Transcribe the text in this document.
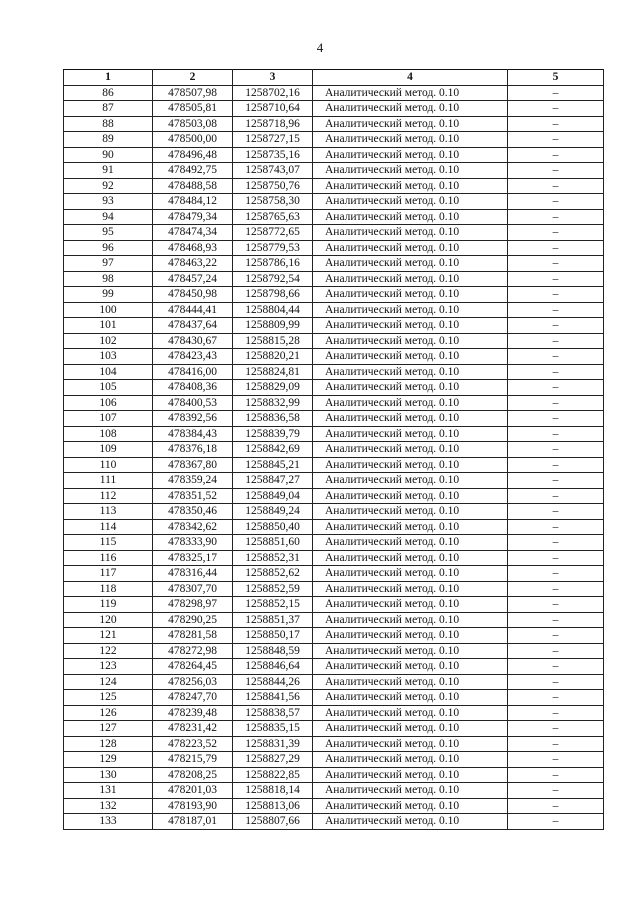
4
1	2	3	4	5
86	478507,98	1258702,16	Аналитический метод. 0.10	–
87	478505,81	1258710,64	Аналитический метод. 0.10	–
88	478503,08	1258718,96	Аналитический метод. 0.10	–
89	478500,00	1258727,15	Аналитический метод. 0.10	–
90	478496,48	1258735,16	Аналитический метод. 0.10	–
91	478492,75	1258743,07	Аналитический метод. 0.10	–
92	478488,58	1258750,76	Аналитический метод. 0.10	–
93	478484,12	1258758,30	Аналитический метод. 0.10	–
94	478479,34	1258765,63	Аналитический метод. 0.10	–
95	478474,34	1258772,65	Аналитический метод. 0.10	–
96	478468,93	1258779,53	Аналитический метод. 0.10	–
97	478463,22	1258786,16	Аналитический метод. 0.10	–
98	478457,24	1258792,54	Аналитический метод. 0.10	–
99	478450,98	1258798,66	Аналитический метод. 0.10	–
100	478444,41	1258804,44	Аналитический метод. 0.10	–
101	478437,64	1258809,99	Аналитический метод. 0.10	–
102	478430,67	1258815,28	Аналитический метод. 0.10	–
103	478423,43	1258820,21	Аналитический метод. 0.10	–
104	478416,00	1258824,81	Аналитический метод. 0.10	–
105	478408,36	1258829,09	Аналитический метод. 0.10	–
106	478400,53	1258832,99	Аналитический метод. 0.10	–
107	478392,56	1258836,58	Аналитический метод. 0.10	–
108	478384,43	1258839,79	Аналитический метод. 0.10	–
109	478376,18	1258842,69	Аналитический метод. 0.10	–
110	478367,80	1258845,21	Аналитический метод. 0.10	–
111	478359,24	1258847,27	Аналитический метод. 0.10	–
112	478351,52	1258849,04	Аналитический метод. 0.10	–
113	478350,46	1258849,24	Аналитический метод. 0.10	–
114	478342,62	1258850,40	Аналитический метод. 0.10	–
115	478333,90	1258851,60	Аналитический метод. 0.10	–
116	478325,17	1258852,31	Аналитический метод. 0.10	–
117	478316,44	1258852,62	Аналитический метод. 0.10	–
118	478307,70	1258852,59	Аналитический метод. 0.10	–
119	478298,97	1258852,15	Аналитический метод. 0.10	–
120	478290,25	1258851,37	Аналитический метод. 0.10	–
121	478281,58	1258850,17	Аналитический метод. 0.10	–
122	478272,98	1258848,59	Аналитический метод. 0.10	–
123	478264,45	1258846,64	Аналитический метод. 0.10	–
124	478256,03	1258844,26	Аналитический метод. 0.10	–
125	478247,70	1258841,56	Аналитический метод. 0.10	–
126	478239,48	1258838,57	Аналитический метод. 0.10	–
127	478231,42	1258835,15	Аналитический метод. 0.10	–
128	478223,52	1258831,39	Аналитический метод. 0.10	–
129	478215,79	1258827,29	Аналитический метод. 0.10	–
130	478208,25	1258822,85	Аналитический метод. 0.10	–
131	478201,03	1258818,14	Аналитический метод. 0.10	–
132	478193,90	1258813,06	Аналитический метод. 0.10	–
133	478187,01	1258807,66	Аналитический метод. 0.10	–
